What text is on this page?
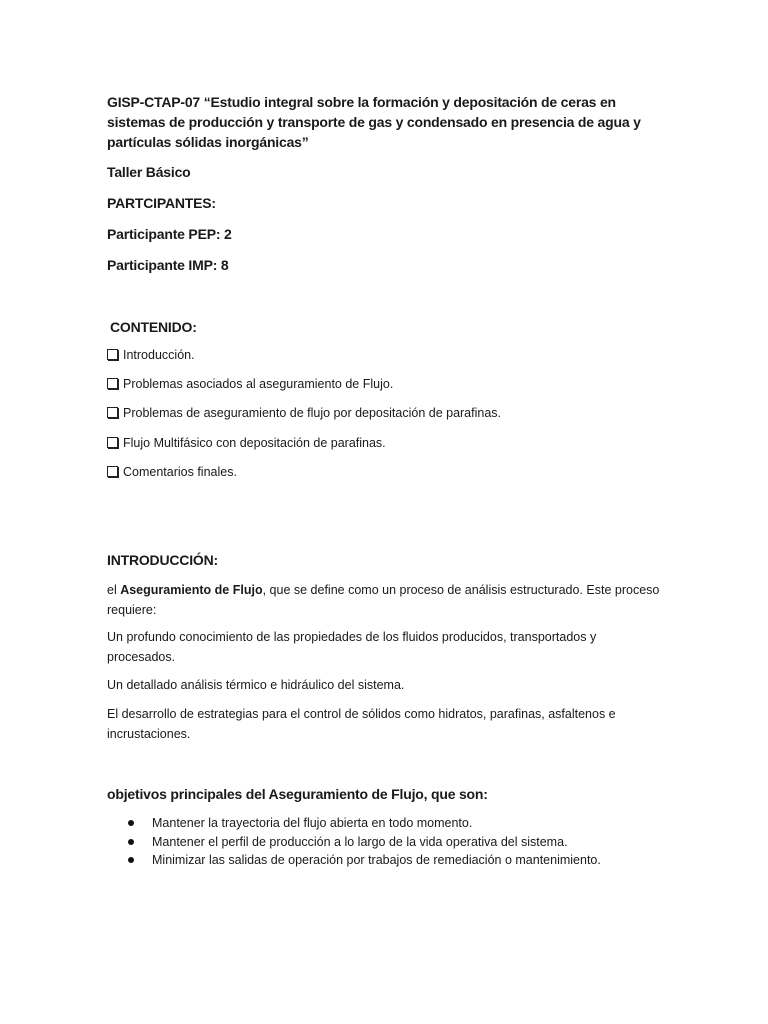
GISP-CTAP-07 “Estudio integral sobre la formación y depositación de ceras en sistemas de producción y transporte de gas y condensado en presencia de agua y partículas sólidas inorgánicas”
Taller Básico
PARTCIPANTES:
Participante PEP: 2
Participante IMP: 8
CONTENIDO:
Introducción.
Problemas asociados al aseguramiento de Flujo.
Problemas de aseguramiento de flujo por depositación de parafinas.
Flujo Multifásico con depositación de parafinas.
Comentarios finales.
INTRODUCCIÓN:
el Aseguramiento de Flujo, que se define como un proceso de análisis estructurado. Este proceso requiere:
Un profundo conocimiento de las propiedades de los fluidos producidos, transportados y procesados.
Un detallado análisis térmico e hidráulico del sistema.
El desarrollo de estrategias para el control de sólidos como hidratos, parafinas, asfaltenos e incrustaciones.
objetivos principales del Aseguramiento de Flujo, que son:
Mantener la trayectoria del flujo abierta en todo momento.
Mantener el perfil de producción a lo largo de la vida operativa del sistema.
Minimizar las salidas de operación por trabajos de remediación o mantenimiento.
